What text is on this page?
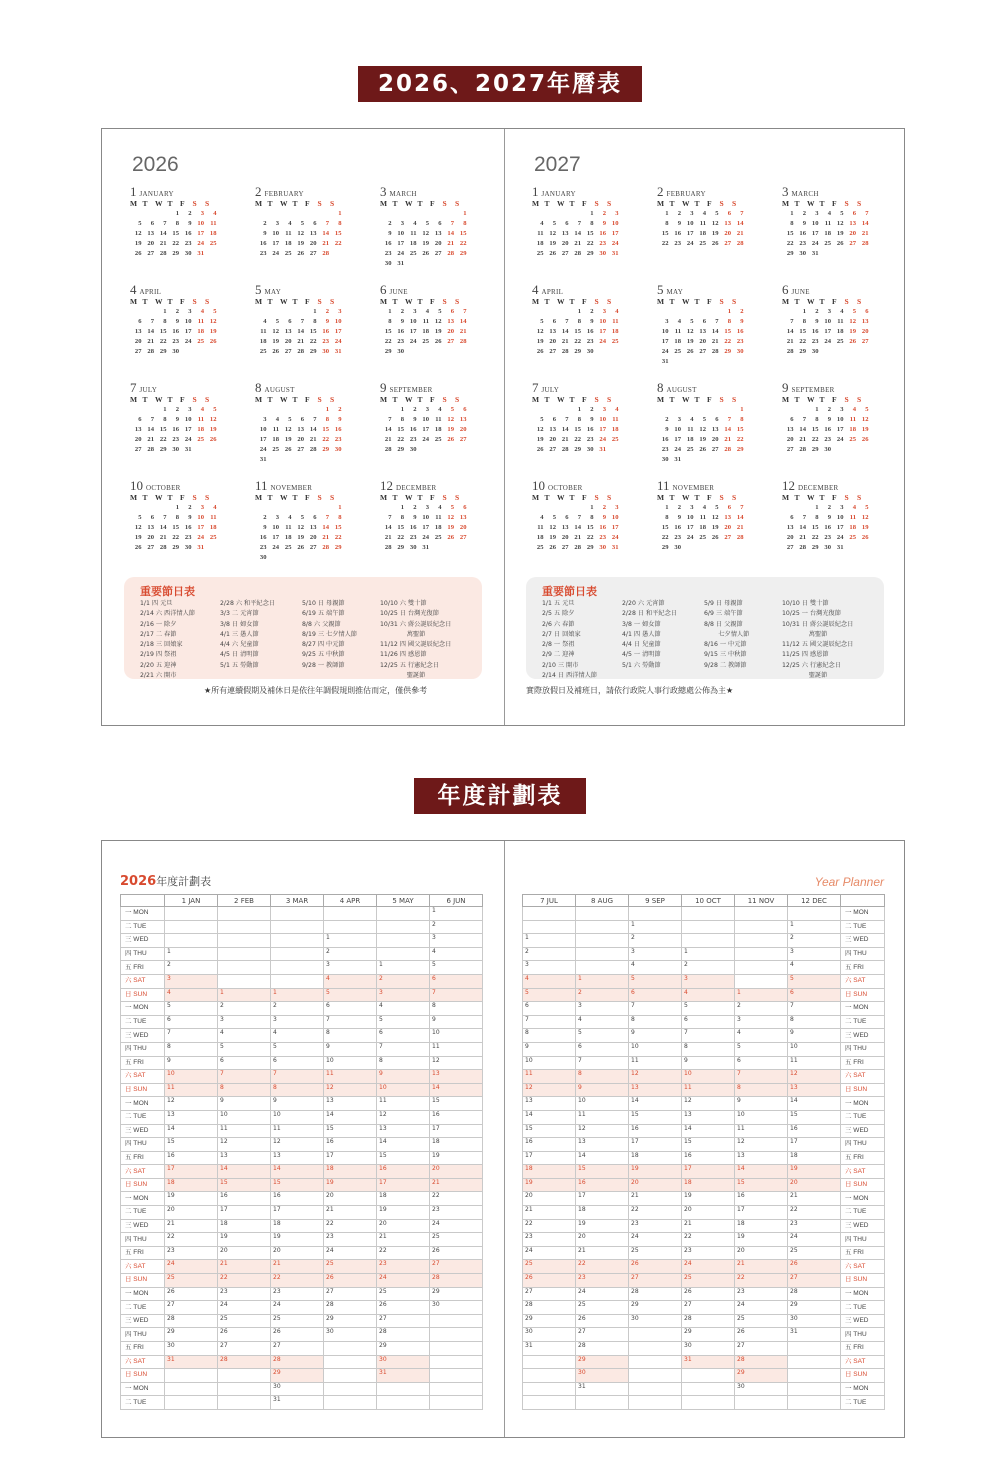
2026、2027年曆表
2026
1 JANUARY
M	T	W	T	F	S	S
			1	2	3	4
5	6	7	8	9	10	11
12	13	14	15	16	17	18
19	20	21	22	23	24	25
26	27	28	29	30	31	
2 FEBRUARY
M	T	W	T	F	S	S
						1
2	3	4	5	6	7	8
9	10	11	12	13	14	15
16	17	18	19	20	21	22
23	24	25	26	27	28	
3 MARCH
M	T	W	T	F	S	S
						1
2	3	4	5	6	7	8
9	10	11	12	13	14	15
16	17	18	19	20	21	22
23	24	25	26	27	28	29
30	31					
4 APRIL
M	T	W	T	F	S	S
		1	2	3	4	5
6	7	8	9	10	11	12
13	14	15	16	17	18	19
20	21	22	23	24	25	26
27	28	29	30			
5 MAY
M	T	W	T	F	S	S
				1	2	3
4	5	6	7	8	9	10
11	12	13	14	15	16	17
18	19	20	21	22	23	24
25	26	27	28	29	30	31
6 JUNE
M	T	W	T	F	S	S
1	2	3	4	5	6	7
8	9	10	11	12	13	14
15	16	17	18	19	20	21
22	23	24	25	26	27	28
29	30					
7 JULY
M	T	W	T	F	S	S
		1	2	3	4	5
6	7	8	9	10	11	12
13	14	15	16	17	18	19
20	21	22	23	24	25	26
27	28	29	30	31		
8 AUGUST
M	T	W	T	F	S	S
					1	2
3	4	5	6	7	8	9
10	11	12	13	14	15	16
17	18	19	20	21	22	23
24	25	26	27	28	29	30
31						
9 SEPTEMBER
M	T	W	T	F	S	S
	1	2	3	4	5	6
7	8	9	10	11	12	13
14	15	16	17	18	19	20
21	22	23	24	25	26	27
28	29	30				
10 OCTOBER
M	T	W	T	F	S	S
			1	2	3	4
5	6	7	8	9	10	11
12	13	14	15	16	17	18
19	20	21	22	23	24	25
26	27	28	29	30	31	
11 NOVEMBER
M	T	W	T	F	S	S
						1
2	3	4	5	6	7	8
9	10	11	12	13	14	15
16	17	18	19	20	21	22
23	24	25	26	27	28	29
30						
12 DECEMBER
M	T	W	T	F	S	S
	1	2	3	4	5	6
7	8	9	10	11	12	13
14	15	16	17	18	19	20
21	22	23	24	25	26	27
28	29	30	31			
重要節日表
1/1 四 元旦
2/14 六 西洋情人節
2/16 一 除夕
2/17 二 春節
2/18 三 回娘家
2/19 四 祭祖
2/20 五 迎神
2/21 六 開市
2/28 六 和平紀念日
3/3 二 元宵節
3/8 日 婦女節
4/1 三 愚人節
4/4 六 兒童節
4/5 日 清明節
5/1 五 勞動節
5/10 日 母親節
6/19 五 端午節
8/8 六 父親節
8/19 三 七夕情人節
8/27 四 中元節
9/25 五 中秋節
9/28 一 教師節
10/10 六 雙十節
10/25 日 台灣光復節
10/31 六 蔣公誕辰紀念日
　　　　 萬聖節
11/12 四 國父誕辰紀念日
11/26 四 感恩節
12/25 五 行憲紀念日
　　　　 聖誕節
★所有連續假期及補休日是依往年調假規則推估而定，僅供參考
2027
1 JANUARY
M	T	W	T	F	S	S
				1	2	3
4	5	6	7	8	9	10
11	12	13	14	15	16	17
18	19	20	21	22	23	24
25	26	27	28	29	30	31
2 FEBRUARY
M	T	W	T	F	S	S
1	2	3	4	5	6	7
8	9	10	11	12	13	14
15	16	17	18	19	20	21
22	23	24	25	26	27	28
3 MARCH
M	T	W	T	F	S	S
1	2	3	4	5	6	7
8	9	10	11	12	13	14
15	16	17	18	19	20	21
22	23	24	25	26	27	28
29	30	31				
4 APRIL
M	T	W	T	F	S	S
			1	2	3	4
5	6	7	8	9	10	11
12	13	14	15	16	17	18
19	20	21	22	23	24	25
26	27	28	29	30		
5 MAY
M	T	W	T	F	S	S
					1	2
3	4	5	6	7	8	9
10	11	12	13	14	15	16
17	18	19	20	21	22	23
24	25	26	27	28	29	30
31						
6 JUNE
M	T	W	T	F	S	S
	1	2	3	4	5	6
7	8	9	10	11	12	13
14	15	16	17	18	19	20
21	22	23	24	25	26	27
28	29	30				
7 JULY
M	T	W	T	F	S	S
			1	2	3	4
5	6	7	8	9	10	11
12	13	14	15	16	17	18
19	20	21	22	23	24	25
26	27	28	29	30	31	
8 AUGUST
M	T	W	T	F	S	S
						1
2	3	4	5	6	7	8
9	10	11	12	13	14	15
16	17	18	19	20	21	22
23	24	25	26	27	28	29
30	31					
9 SEPTEMBER
M	T	W	T	F	S	S
		1	2	3	4	5
6	7	8	9	10	11	12
13	14	15	16	17	18	19
20	21	22	23	24	25	26
27	28	29	30			
10 OCTOBER
M	T	W	T	F	S	S
				1	2	3
4	5	6	7	8	9	10
11	12	13	14	15	16	17
18	19	20	21	22	23	24
25	26	27	28	29	30	31
11 NOVEMBER
M	T	W	T	F	S	S
1	2	3	4	5	6	7
8	9	10	11	12	13	14
15	16	17	18	19	20	21
22	23	24	25	26	27	28
29	30					
12 DECEMBER
M	T	W	T	F	S	S
		1	2	3	4	5
6	7	8	9	10	11	12
13	14	15	16	17	18	19
20	21	22	23	24	25	26
27	28	29	30	31		
重要節日表
1/1 五 元旦
2/5 五 除夕
2/6 六 春節
2/7 日 回娘家
2/8 一 祭祖
2/9 二 迎神
2/10 三 開市
2/14 日 西洋情人節
2/20 六 元宵節
2/28 日 和平紀念日
3/8 一 婦女節
4/1 四 愚人節
4/4 日 兒童節
4/5 一 清明節
5/1 六 勞動節
5/9 日 母親節
6/9 三 端午節
8/8 日 父親節
　　 七夕情人節
8/16 一 中元節
9/15 三 中秋節
9/28 二 教師節
10/10 日 雙十節
10/25 一 台灣光復節
10/31 日 蔣公誕辰紀念日
　　　　 萬聖節
11/12 五 國父誕辰紀念日
11/25 四 感恩節
12/25 六 行憲紀念日
　　　　 聖誕節
實際放假日及補班日，請依行政院人事行政總處公佈為主★
年度計劃表
2026年度計劃表
	1 JAN	2 FEB	3 MAR	4 APR	5 MAY	6 JUN
一 MON						1
二 TUE						2
三 WED				1		3
四 THU	1			2		4
五 FRI	2			3	1	5
六 SAT	3			4	2	6
日 SUN	4	1	1	5	3	7
一 MON	5	2	2	6	4	8
二 TUE	6	3	3	7	5	9
三 WED	7	4	4	8	6	10
四 THU	8	5	5	9	7	11
五 FRI	9	6	6	10	8	12
六 SAT	10	7	7	11	9	13
日 SUN	11	8	8	12	10	14
一 MON	12	9	9	13	11	15
二 TUE	13	10	10	14	12	16
三 WED	14	11	11	15	13	17
四 THU	15	12	12	16	14	18
五 FRI	16	13	13	17	15	19
六 SAT	17	14	14	18	16	20
日 SUN	18	15	15	19	17	21
一 MON	19	16	16	20	18	22
二 TUE	20	17	17	21	19	23
三 WED	21	18	18	22	20	24
四 THU	22	19	19	23	21	25
五 FRI	23	20	20	24	22	26
六 SAT	24	21	21	25	23	27
日 SUN	25	22	22	26	24	28
一 MON	26	23	23	27	25	29
二 TUE	27	24	24	28	26	30
三 WED	28	25	25	29	27	
四 THU	29	26	26	30	28	
五 FRI	30	27	27		29	
六 SAT	31	28	28		30	
日 SUN			29		31	
一 MON			30			
二 TUE			31			
Year Planner
7 JUL	8 AUG	9 SEP	10 OCT	11 NOV	12 DEC	
						一 MON
		1			1	二 TUE
1		2			2	三 WED
2		3	1		3	四 THU
3		4	2		4	五 FRI
4	1	5	3		5	六 SAT
5	2	6	4	1	6	日 SUN
6	3	7	5	2	7	一 MON
7	4	8	6	3	8	二 TUE
8	5	9	7	4	9	三 WED
9	6	10	8	5	10	四 THU
10	7	11	9	6	11	五 FRI
11	8	12	10	7	12	六 SAT
12	9	13	11	8	13	日 SUN
13	10	14	12	9	14	一 MON
14	11	15	13	10	15	二 TUE
15	12	16	14	11	16	三 WED
16	13	17	15	12	17	四 THU
17	14	18	16	13	18	五 FRI
18	15	19	17	14	19	六 SAT
19	16	20	18	15	20	日 SUN
20	17	21	19	16	21	一 MON
21	18	22	20	17	22	二 TUE
22	19	23	21	18	23	三 WED
23	20	24	22	19	24	四 THU
24	21	25	23	20	25	五 FRI
25	22	26	24	21	26	六 SAT
26	23	27	25	22	27	日 SUN
27	24	28	26	23	28	一 MON
28	25	29	27	24	29	二 TUE
29	26	30	28	25	30	三 WED
30	27		29	26	31	四 THU
31	28		30	27		五 FRI
	29		31	28		六 SAT
	30			29		日 SUN
	31			30		一 MON
						二 TUE
